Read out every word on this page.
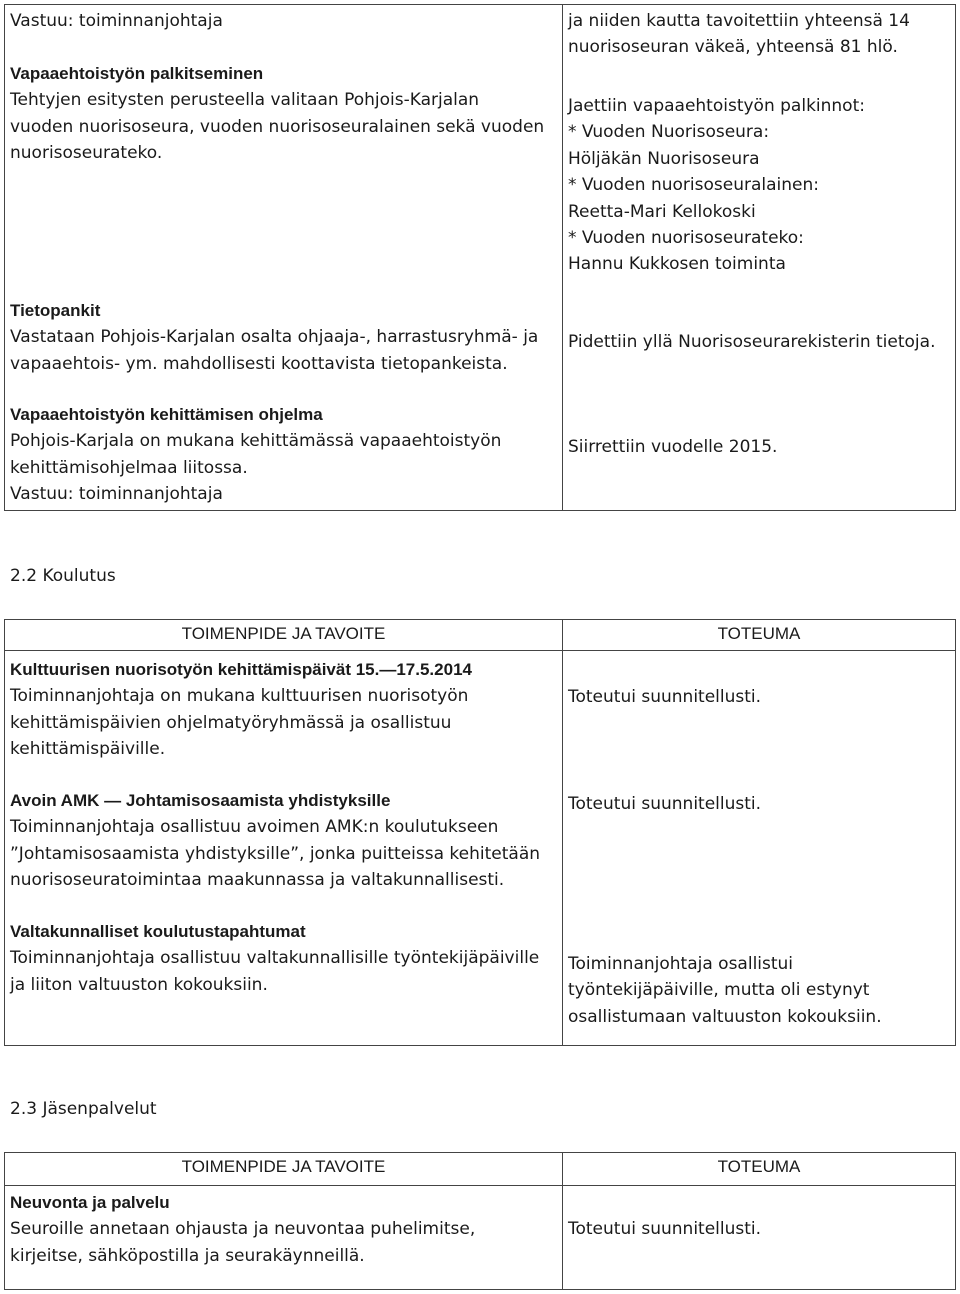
Vastuu: toiminnanjohtaja
Vapaaehtoistyön palkitseminen
Tehtyjen esitysten perusteella valitaan Pohjois-Karjalan
vuoden nuorisoseura, vuoden nuorisoseuralainen sekä vuoden
nuorisoseurateko.
Tietopankit
Vastataan Pohjois-Karjalan osalta ohjaaja-, harrastusryhmä- ja
vapaaehtois- ym. mahdollisesti koottavista tietopankeista.
Vapaaehtoistyön kehittämisen ohjelma
Pohjois-Karjala on mukana kehittämässä vapaaehtoistyön
kehittämisohjelmaa liitossa.
Vastuu: toiminnanjohtaja
ja niiden kautta tavoitettiin yhteensä 14
nuorisoseuran väkeä, yhteensä 81 hlö.
Jaettiin vapaaehtoistyön palkinnot:
* Vuoden Nuorisoseura:
Höljäkän Nuorisoseura
* Vuoden nuorisoseuralainen:
Reetta-Mari Kellokoski
* Vuoden nuorisoseurateko:
Hannu Kukkosen toiminta
Pidettiin yllä Nuorisoseurarekisterin tietoja.
Siirrettiin vuodelle 2015.
2.2 Koulutus
TOIMENPIDE JA TAVOITE	TOTEUMA
Kulttuurisen nuorisotyön kehittämispäivät 15.—17.5.2014
Toiminnanjohtaja on mukana kulttuurisen nuorisotyön
kehittämispäivien ohjelmatyöryhmässä ja osallistuu
kehittämispäiville.
Toteutui suunnitellusti.
Avoin AMK — Johtamisosaamista yhdistyksille
Toiminnanjohtaja osallistuu avoimen AMK:n koulutukseen
”Johtamisosaamista yhdistyksille”, jonka puitteissa kehitetään
nuorisoseuratoimintaa maakunnassa ja valtakunnallisesti.
Toteutui suunnitellusti.
Valtakunnalliset koulutustapahtumat
Toiminnanjohtaja osallistuu valtakunnallisille työntekijäpäiville
ja liiton valtuuston kokouksiin.
Toiminnanjohtaja osallistui
työntekijäpäiville, mutta oli estynyt
osallistumaan valtuuston kokouksiin.
2.3 Jäsenpalvelut
TOIMENPIDE JA TAVOITE	TOTEUMA
Neuvonta ja palvelu
Seuroille annetaan ohjausta ja neuvontaa puhelimitse,
kirjeitse, sähköpostilla ja seurakäynneillä.
Toteutui suunnitellusti.
